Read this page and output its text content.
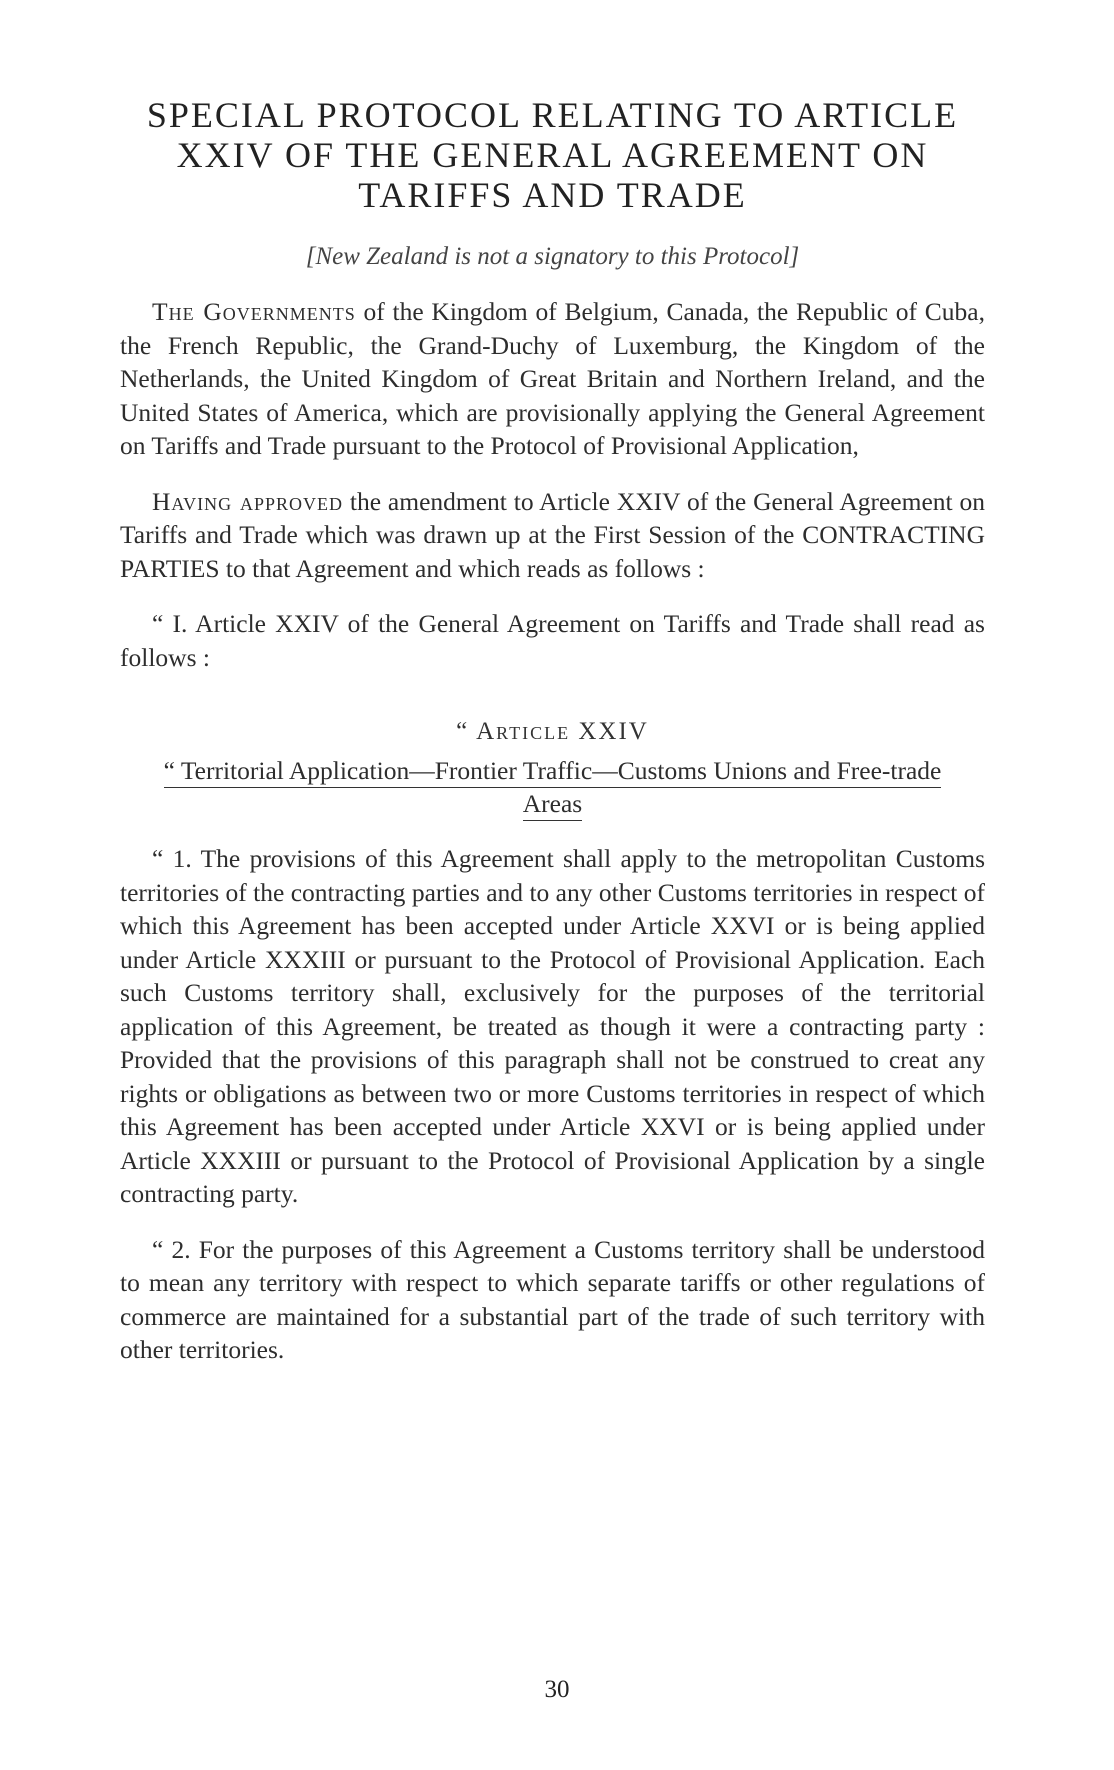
SPECIAL PROTOCOL RELATING TO ARTICLE XXIV OF THE GENERAL AGREEMENT ON TARIFFS AND TRADE
[New Zealand is not a signatory to this Protocol]

The Governments of the Kingdom of Belgium, Canada, the Republic of Cuba, the French Republic, the Grand-Duchy of Luxemburg, the Kingdom of the Netherlands, the United Kingdom of Great Britain and Northern Ireland, and the United States of America, which are provisionally applying the General Agreement on Tariffs and Trade pursuant to the Protocol of Provisional Application,

Having approved the amendment to Article XXIV of the General Agreement on Tariffs and Trade which was drawn up at the First Session of the CONTRACTING PARTIES to that Agreement and which reads as follows :

“ I. Article XXIV of the General Agreement on Tariffs and Trade shall read as follows :

“ Article XXIV
“ Territorial Application—Frontier Traffic—Customs Unions and Free-trade Areas

“ 1. The provisions of this Agreement shall apply to the metropolitan Customs territories of the contracting parties and to any other Customs territories in respect of which this Agreement has been accepted under Article XXVI or is being applied under Article XXXIII or pursuant to the Protocol of Provisional Application. Each such Customs territory shall, exclusively for the purposes of the territorial application of this Agreement, be treated as though it were a contracting party : Provided that the provisions of this paragraph shall not be construed to creat any rights or obligations as between two or more Customs territories in respect of which this Agreement has been accepted under Article XXVI or is being applied under Article XXXIII or pursuant to the Protocol of Provisional Application by a single contracting party.

“ 2. For the purposes of this Agreement a Customs territory shall be understood to mean any territory with respect to which separate tariffs or other regulations of commerce are maintained for a substantial part of the trade of such territory with other territories.

30
